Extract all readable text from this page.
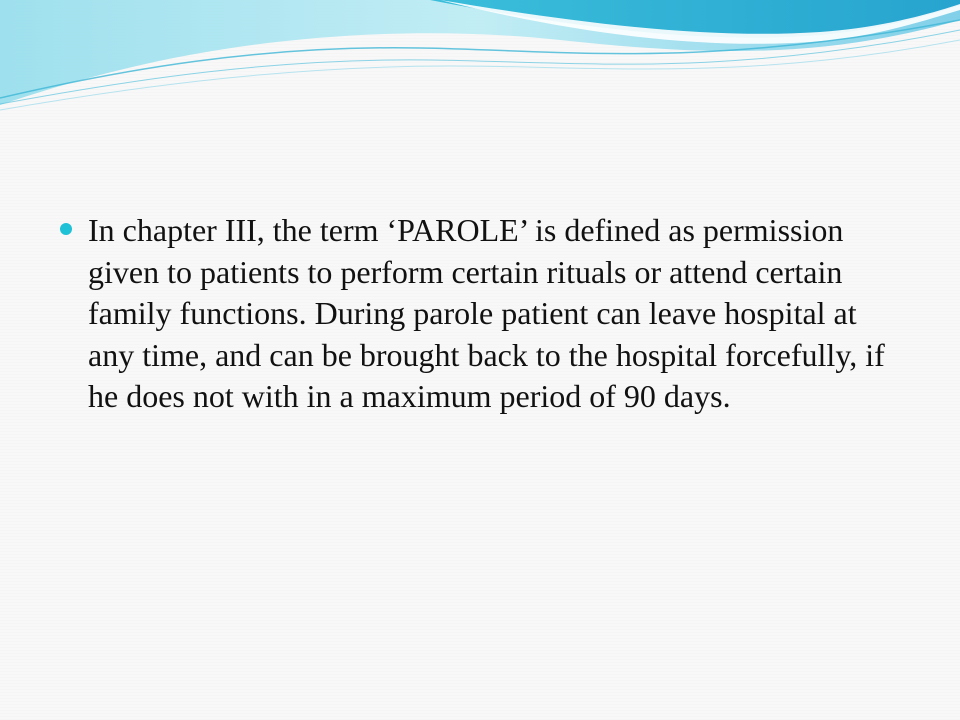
In chapter III, the term ‘PAROLE’ is defined as permission given to patients to perform certain rituals or attend certain family functions. During parole patient can leave hospital at any time, and can be brought back to the hospital forcefully, if he does not with in a maximum period of 90 days.
